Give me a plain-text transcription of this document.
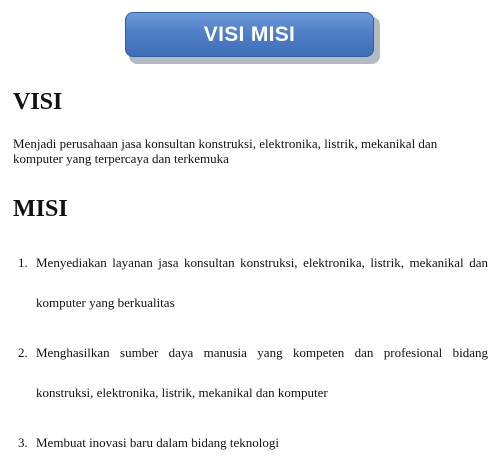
VISI MISI
VISI

Menjadi perusahaan jasa konsultan konstruksi, elektronika, listrik, mekanikal dan komputer yang terpercaya dan terkemuka

MISI
1. Menyediakan layanan jasa konsultan konstruksi, elektronika, listrik, mekanikal dan komputer yang berkualitas
2. Menghasilkan sumber daya manusia yang kompeten dan profesional bidang konstruksi, elektronika, listrik, mekanikal dan komputer
3. Membuat inovasi baru dalam bidang teknologi
